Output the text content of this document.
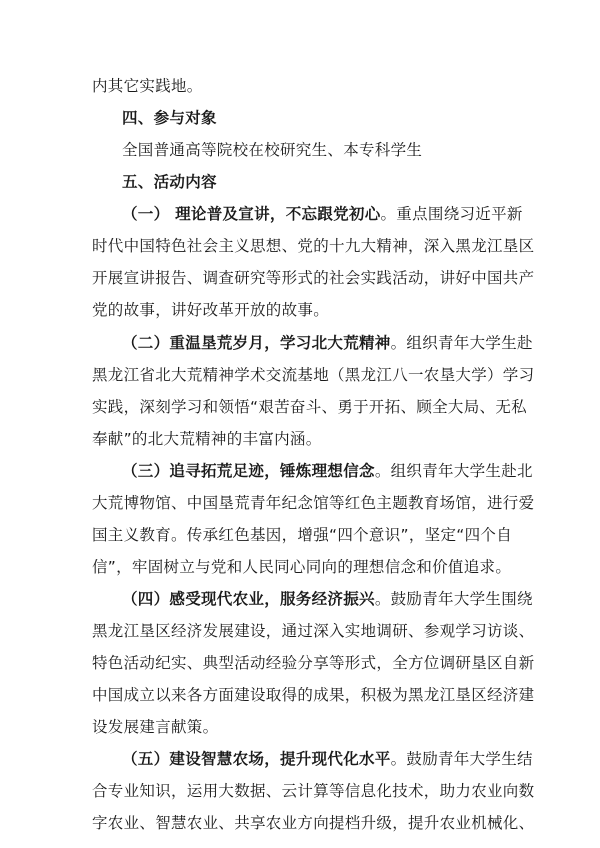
内其它实践地。
四、参与对象
全国普通高等院校在校研究生、本专科学生
五、活动内容
（一） 理论普及宣讲，不忘跟党初心。重点围绕习近平新
时代中国特色社会主义思想、党的十九大精神，深入黑龙江垦区
开展宣讲报告、调查研究等形式的社会实践活动，讲好中国共产
党的故事，讲好改革开放的故事。
（二）重温垦荒岁月，学习北大荒精神。组织青年大学生赴
黑龙江省北大荒精神学术交流基地（黑龙江八一农垦大学）学习
实践，深刻学习和领悟“艰苦奋斗、勇于开拓、顾全大局、无私
奉献”的北大荒精神的丰富内涵。
（三）追寻拓荒足迹，锤炼理想信念。组织青年大学生赴北
大荒博物馆、中国垦荒青年纪念馆等红色主题教育场馆，进行爱
国主义教育。传承红色基因，增强“四个意识”，坚定“四个自
信”，牢固树立与党和人民同心同向的理想信念和价值追求。
（四）感受现代农业，服务经济振兴。鼓励青年大学生围绕
黑龙江垦区经济发展建设，通过深入实地调研、参观学习访谈、
特色活动纪实、典型活动经验分享等形式，全方位调研垦区自新
中国成立以来各方面建设取得的成果，积极为黑龙江垦区经济建
设发展建言献策。
（五）建设智慧农场，提升现代化水平。鼓励青年大学生结
合专业知识，运用大数据、云计算等信息化技术，助力农业向数
字农业、智慧农业、共享农业方向提档升级，提升农业机械化、
